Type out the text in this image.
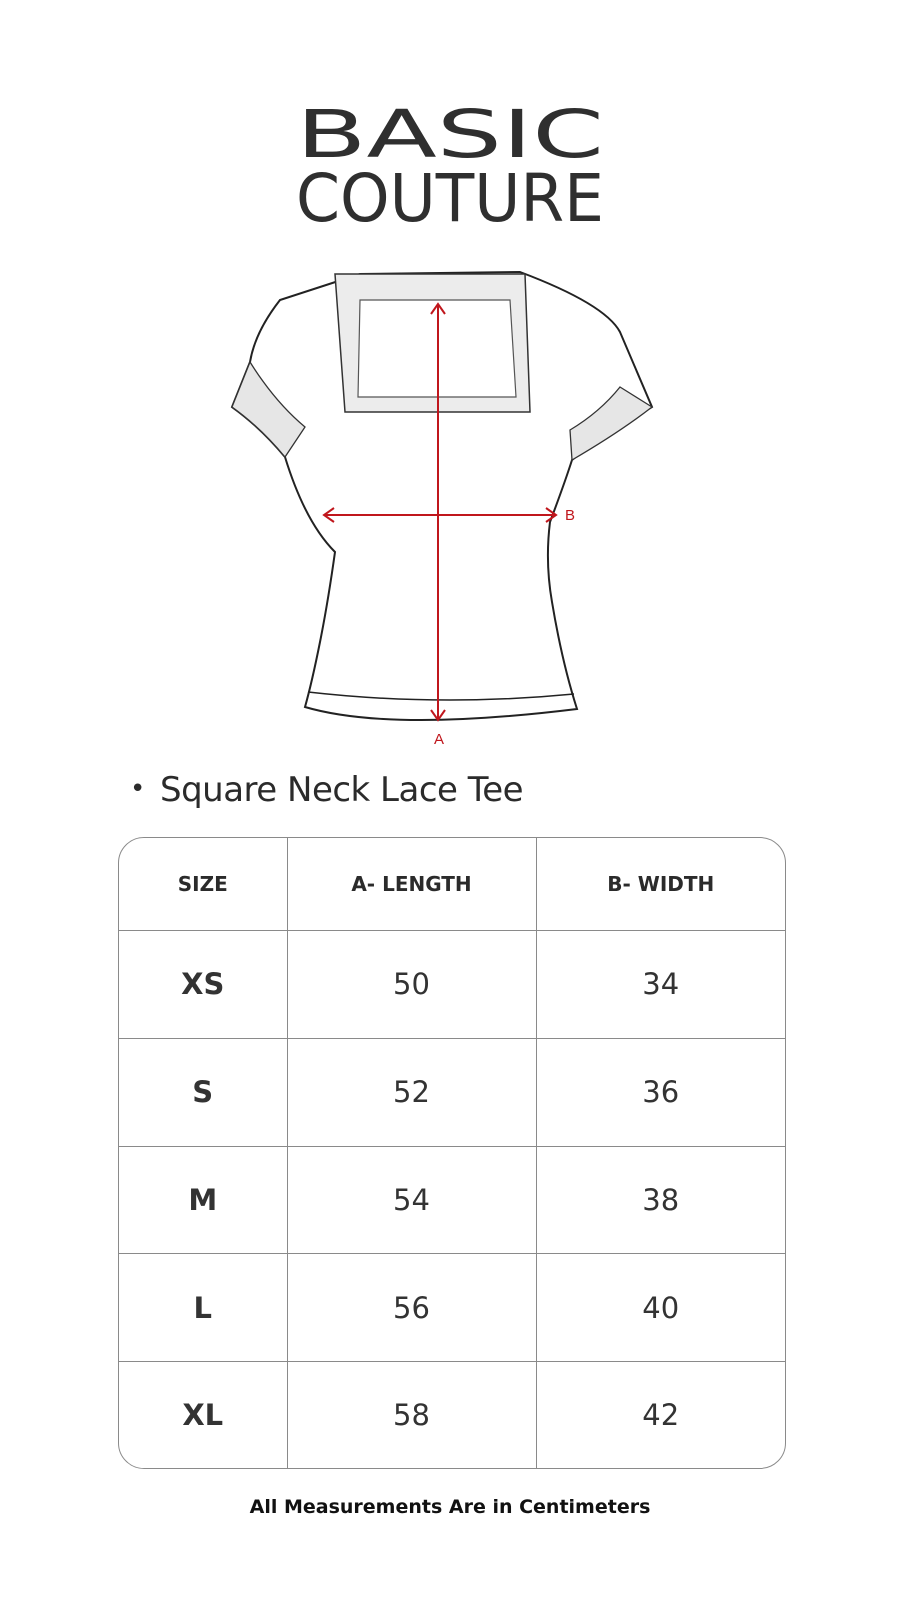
BASIC
COUTURE
A
B
• Square Neck Lace Tee
SIZE	A- LENGTH	B- WIDTH
XS	50	34
S	52	36
M	54	38
L	56	40
XL	58	42
All Measurements Are in Centimeters
